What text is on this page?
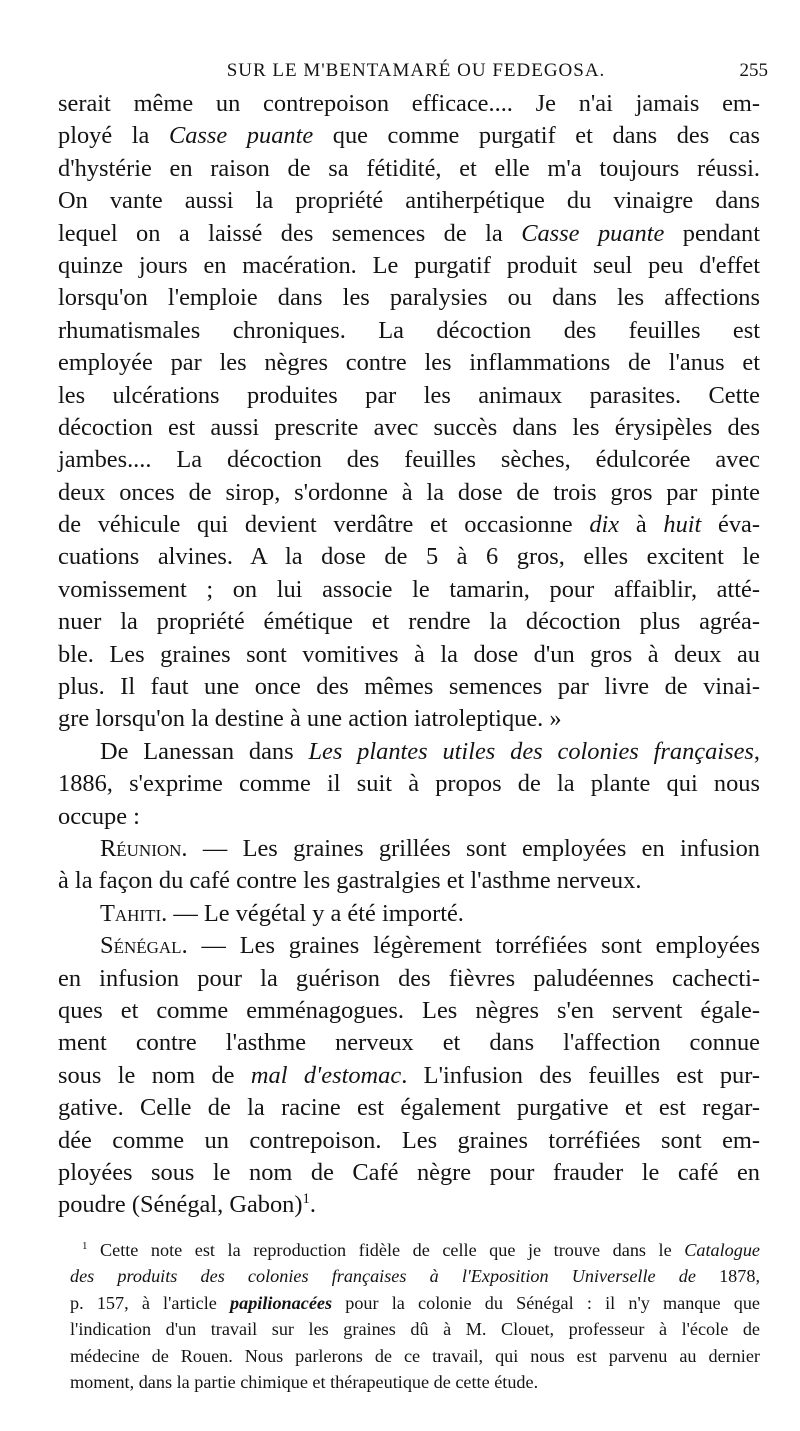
SUR LE M'BENTAMARÉ OU FEDEGOSA.	255
serait même un contrepoison efficace.... Je n'ai jamais em-
ployé la Casse puante que comme purgatif et dans des cas
d'hystérie en raison de sa fétidité, et elle m'a toujours réussi.
On vante aussi la propriété antiherpétique du vinaigre dans
lequel on a laissé des semences de la Casse puante pendant
quinze jours en macération. Le purgatif produit seul peu d'effet
lorsqu'on l'emploie dans les paralysies ou dans les affections
rhumatismales chroniques. La décoction des feuilles est
employée par les nègres contre les inflammations de l'anus et
les ulcérations produites par les animaux parasites. Cette
décoction est aussi prescrite avec succès dans les érysipèles des
jambes.... La décoction des feuilles sèches, édulcorée avec
deux onces de sirop, s'ordonne à la dose de trois gros par pinte
de véhicule qui devient verdâtre et occasionne dix à huit éva-
cuations alvines. A la dose de 5 à 6 gros, elles excitent le
vomissement ; on lui associe le tamarin, pour affaiblir, atté-
nuer la propriété émétique et rendre la décoction plus agréa-
ble. Les graines sont vomitives à la dose d'un gros à deux au
plus. Il faut une once des mêmes semences par livre de vinai-
gre lorsqu'on la destine à une action iatroleptique. »
De Lanessan dans Les plantes utiles des colonies françaises,
1886, s'exprime comme il suit à propos de la plante qui nous
occupe :
Réunion. — Les graines grillées sont employées en infusion
à la façon du café contre les gastralgies et l'asthme nerveux.
Tahiti. — Le végétal y a été importé.
Sénégal. — Les graines légèrement torréfiées sont employées
en infusion pour la guérison des fièvres paludéennes cachecti-
ques et comme emménagogues. Les nègres s'en servent égale-
ment contre l'asthme nerveux et dans l'affection connue
sous le nom de mal d'estomac. L'infusion des feuilles est pur-
gative. Celle de la racine est également purgative et est regar-
dée comme un contrepoison. Les graines torréfiées sont em-
ployées sous le nom de Café nègre pour frauder le café en
poudre (Sénégal, Gabon)$^1$.
$^1$ Cette note est la reproduction fidèle de celle que je trouve dans le Catalogue
des produits des colonies françaises à l'Exposition Universelle de 1878,
p. 157, à l'article papilionacées pour la colonie du Sénégal : il n'y manque que
l'indication d'un travail sur les graines dû à M. Clouet, professeur à l'école de
médecine de Rouen. Nous parlerons de ce travail, qui nous est parvenu au dernier
moment, dans la partie chimique et thérapeutique de cette étude.
